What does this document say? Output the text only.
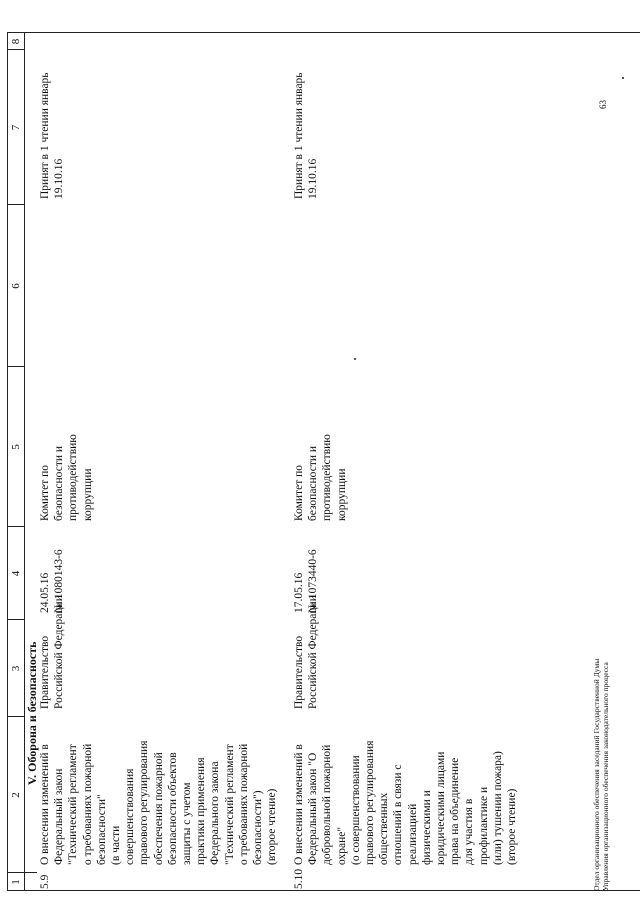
1
2
3
4
5
6
7
8
V. Оборона и безопасность
5.9
О внесении изменений в Федеральный закон "Технический регламент о требованиях пожарной безопасности" (в части совершенствования правового регулирования обеспечения пожарной безопасности объектов защиты с учетом практики применения Федерального закона "Технический регламент о требованиях пожарной безопасности") (второе чтение)
Правительство Российской Федерации
24.05.16 № 1080143-6
Комитет по безопасности и противодействию коррупции
Принят в 1 чтении январь 19.10.16
5.10
О внесении изменений в Федеральный закон "О добровольной пожарной охране" (о совершенствовании правового регулирования общественных отношений в связи с реализацией физическими и юридическими лицами права на объединение для участия в профилактике и (или) тушении пожара) (второе чтение)
Правительство Российской Федерации
17.05.16 № 1073440-6
Комитет по безопасности и противодействию коррупции
Принят в 1 чтении январь 19.10.16
Отдел организационного обеспечения заседаний Государственной Думы Управления организационного обеспечения законодательного процесса
63
